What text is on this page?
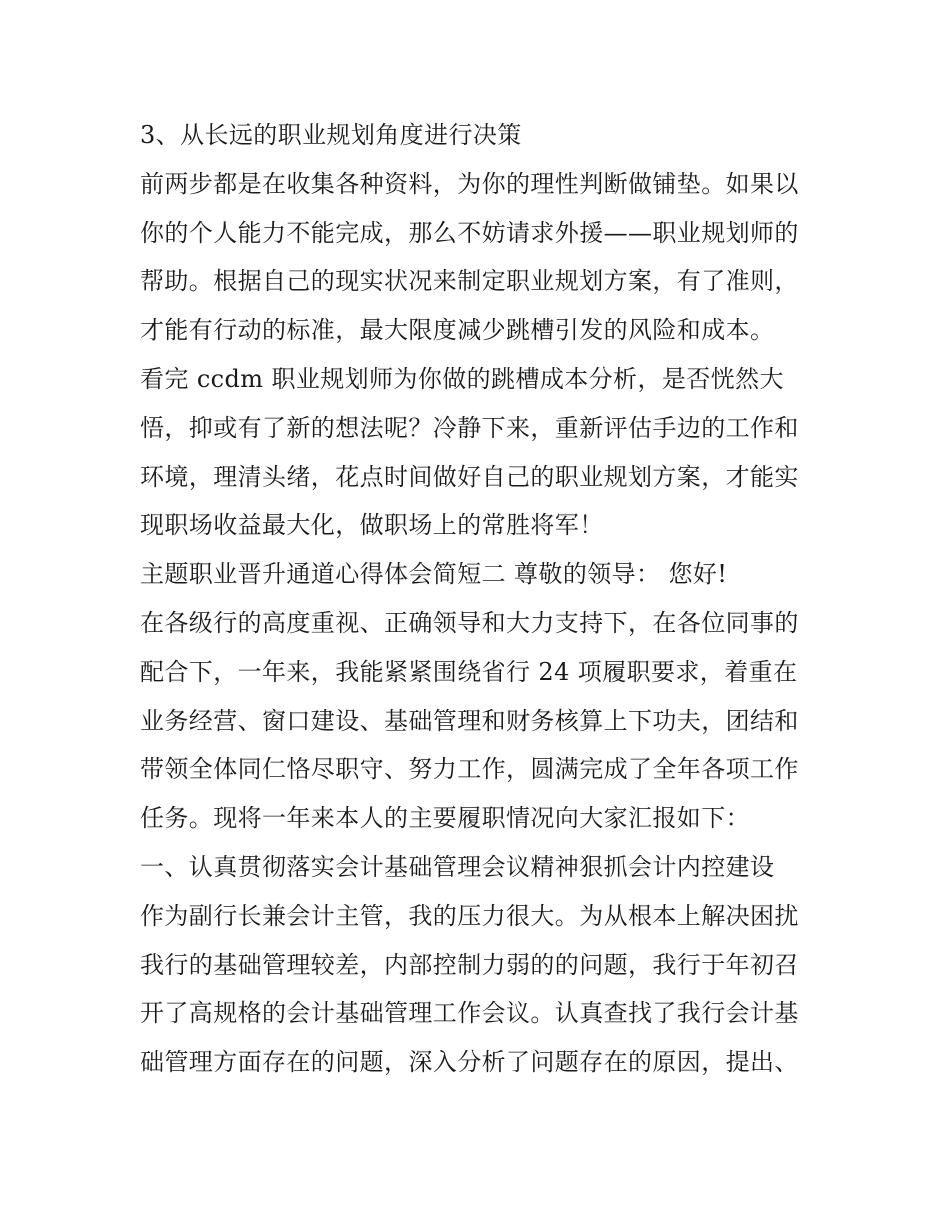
3、从长远的职业规划角度进行决策
前两步都是在收集各种资料，为你的理性判断做铺垫。如果以
你的个人能力不能完成，那么不妨请求外援——职业规划师的
帮助。根据自己的现实状况来制定职业规划方案，有了准则，
才能有行动的标准，最大限度减少跳槽引发的风险和成本。
看完 ccdm 职业规划师为你做的跳槽成本分析，是否恍然大
悟，抑或有了新的想法呢？冷静下来，重新评估手边的工作和
环境，理清头绪，花点时间做好自己的职业规划方案，才能实
现职场收益最大化，做职场上的常胜将军！
主题职业晋升通道心得体会简短二 尊敬的领导： 您好!
在各级行的高度重视、正确领导和大力支持下，在各位同事的
配合下，一年来，我能紧紧围绕省行 24 项履职要求，着重在
业务经营、窗口建设、基础管理和财务核算上下功夫，团结和
带领全体同仁恪尽职守、努力工作，圆满完成了全年各项工作
任务。现将一年来本人的主要履职情况向大家汇报如下：
一、认真贯彻落实会计基础管理会议精神狠抓会计内控建设
作为副行长兼会计主管，我的压力很大。为从根本上解决困扰
我行的基础管理较差，内部控制力弱的的问题，我行于年初召
开了高规格的会计基础管理工作会议。认真查找了我行会计基
础管理方面存在的问题，深入分析了问题存在的原因，提出、
